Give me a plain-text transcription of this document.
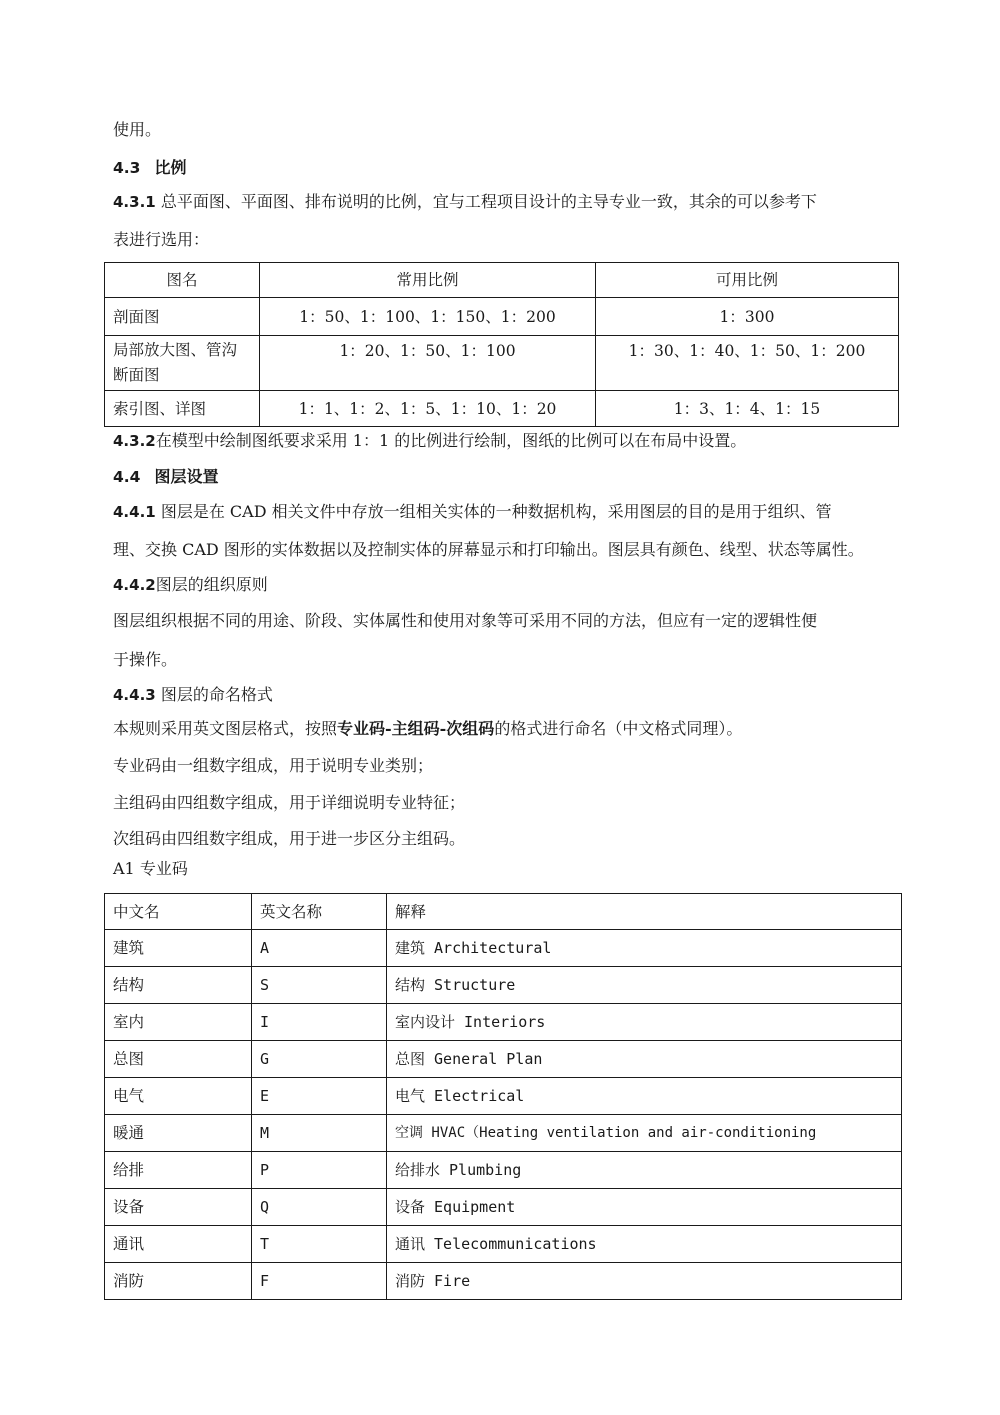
使用。
4.3 比例
4.3.1 总平面图、平面图、排布说明的比例，宜与工程项目设计的主导专业一致，其余的可以参考下
表进行选用：
图名	常用比例	可用比例
剖面图	1：50、1：100、1：150、1：200	1：300
局部放大图、管沟断面图	1：20、1：50、1：100	1：30、1：40、1：50、1：200
索引图、详图	1：1、1：2、1：5、1：10、1：20	1：3、1：4、1：15
4.3.2在模型中绘制图纸要求采用 1：1 的比例进行绘制，图纸的比例可以在布局中设置。
4.4 图层设置
4.4.1 图层是在 CAD 相关文件中存放一组相关实体的一种数据机构，采用图层的目的是用于组织、管
理、交换 CAD 图形的实体数据以及控制实体的屏幕显示和打印输出。图层具有颜色、线型、状态等属性。
4.4.2图层的组织原则
图层组织根据不同的用途、阶段、实体属性和使用对象等可采用不同的方法，但应有一定的逻辑性便
于操作。
4.4.3 图层的命名格式
本规则采用英文图层格式，按照专业码-主组码-次组码的格式进行命名（中文格式同理）。
专业码由一组数字组成，用于说明专业类别；
主组码由四组数字组成，用于详细说明专业特征；
次组码由四组数字组成，用于进一步区分主组码。
A1 专业码
中文名	英文名称	解释
建筑	A	建筑 Architectural
结构	S	结构 Structure
室内	I	室内设计 Interiors
总图	G	总图 General Plan
电气	E	电气 Electrical
暖通	M	空调 HVAC（Heating ventilation and air-conditioning
给排	P	给排水 Plumbing
设备	Q	设备 Equipment
通讯	T	通讯 Telecommunications
消防	F	消防 Fire
